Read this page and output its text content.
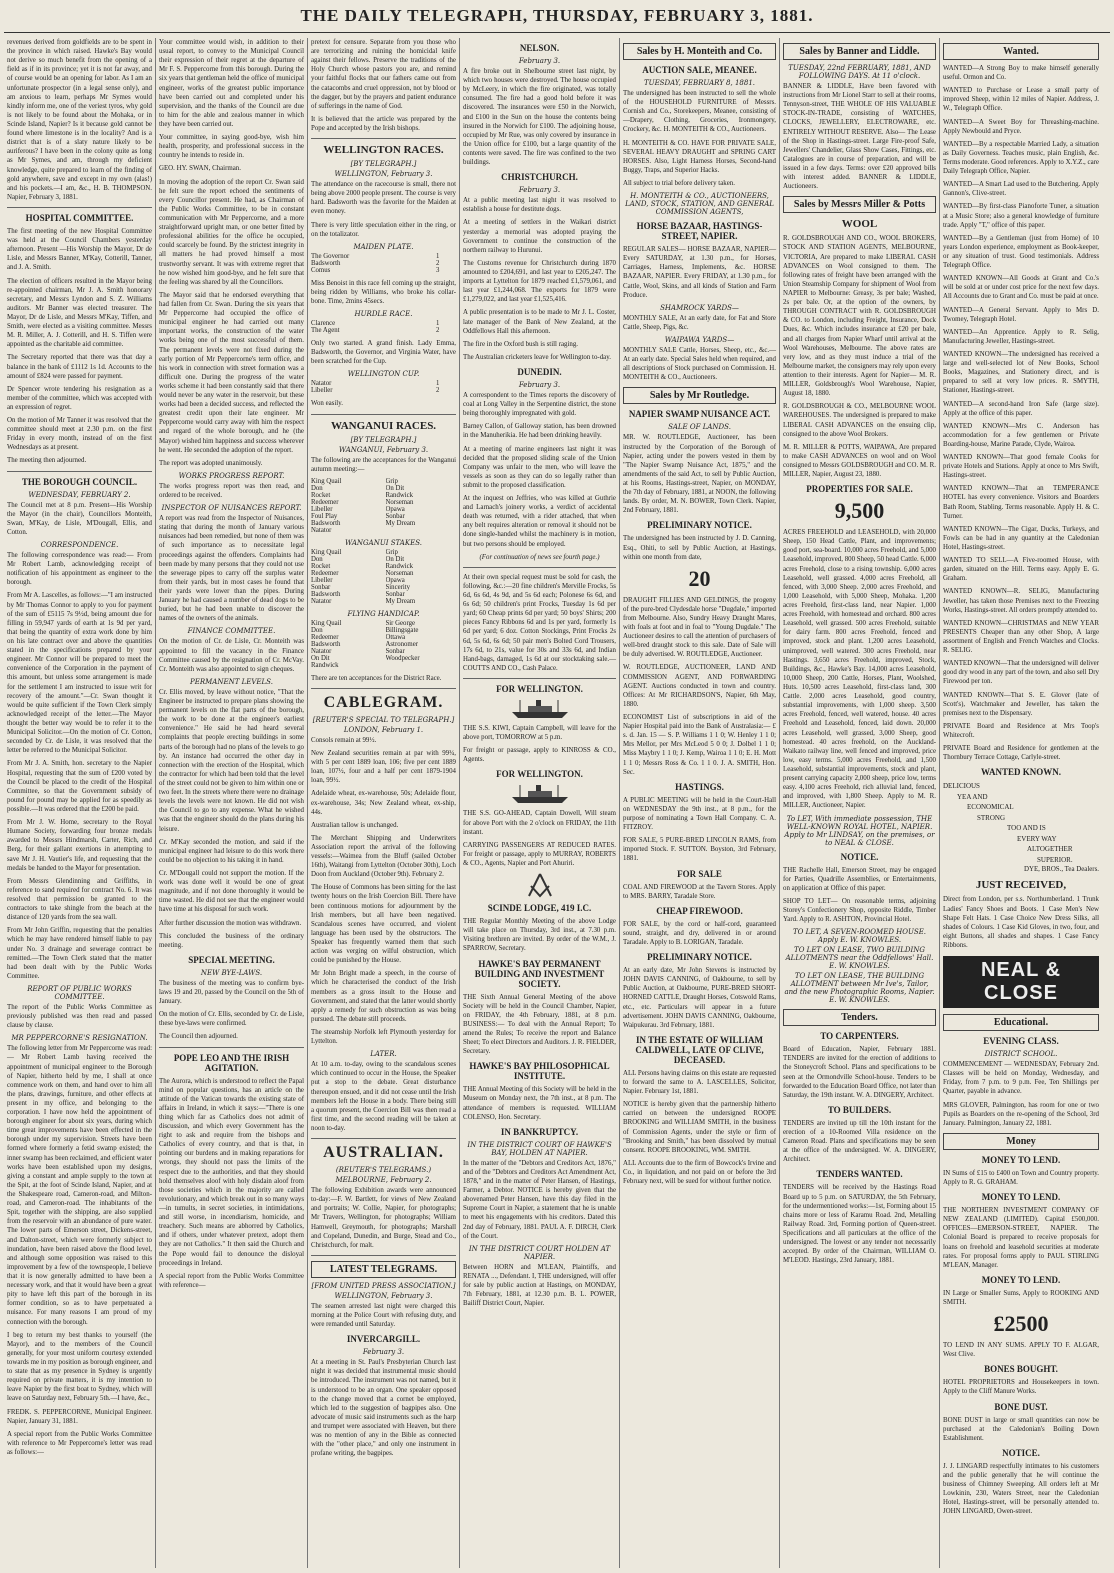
THE DAILY TELEGRAPH, THURSDAY, FEBRUARY 3, 1881.

revenues derived from goldfields are to be spent in the province in which raised. Hawke's Bay would not derive so much benefit from the opening of a field as if in its province; yet it is not far away, and of course would be an opening for labor. As I am an unfortunate prospector (in a legal sense only), and am anxious to learn, perhaps Mr Symes would kindly inform me, one of the veriest tyros, why gold is not likely to be found about the Mohaka, or in Scinde Island, Napier? Is it because gold cannot be found where limestone is in the locality? And is a district that is of a slaty nature likely to be auriferous? I have been in the colony quite as long as Mr Symes, and am, through my deficient knowledge, quite prepared to learn of the finding of gold anywhere, save and except in my own (alas!) and his pockets.—I am, &c., H. B. THOMPSON. Napier, February 3, 1881.

HOSPITAL COMMITTEE.

The first meeting of the new Hospital Committee was held at the Council Chambers yesterday afternoon. Present —His Worship the Mayor, Dr de Lisle, and Messrs Banner, M'Kay, Cotterill, Tanner, and J. A. Smith.

The election of officers resulted in the Mayor being re-appointed chairman, Mr J. A. Smith honorary secretary, and Messrs Lyndon and S. Z. Williams auditors. Mr Banner was elected treasurer. The Mayor, Dr de Lisle, and Messrs M'Kay, Tiffen, and Smith, were elected as a visiting committee. Messrs M. R. Miller, A. J. Cotterill, and H. S. Tiffen were appointed as the charitable aid committee.

The Secretary reported that there was that day a balance in the bank of £1112 1s 1d. Accounts to the amount of £824 were passed for payment.

Dr Spencer wrote tendering his resignation as a member of the committee, which was accepted with an expression of regret.

On the motion of Mr Tanner it was resolved that the committee should meet at 2.30 p.m. on the first Friday in every month, instead of on the first Wednesdays as at present.

The meeting then adjourned.

THE BOROUGH COUNCIL.
WEDNESDAY, FEBRUARY 2.

The Council met at 8 p.m. Present—His Worship the Mayor (in the chair), Councillors Monteith, Swan, M'Kay, de Lisle, M'Dougall, Ellis, and Cotton.

CORRESPONDENCE.

The following correspondence was read:— From Mr Robert Lamb, acknowledging receipt of notification of his appointment as engineer to the borough.

From Mr A. Lascelles, as follows:—"I am instructed by Mr Thomas Connor to apply to you for payment of the sum of £5115 7s 9½d, being amount due for filling in 59,947 yards of earth at 1s 9d per yard, that being the quantity of extra work done by him on his late contract over and above the quantities stated in the specifications prepared by your engineer. Mr Connor will be prepared to meet the convenience of the Corporation in the payment of this amount, but unless some arrangement is made for the settlement I am instructed to issue writ for recovery of the amount."—Cr. Swan thought it would be quite sufficient if the Town Clerk simply acknowledged receipt of the letter.—The Mayor thought the better way would be to refer it to the Municipal Solicitor.—On the motion of Cr. Cotton, seconded by Cr. de Lisle, it was resolved that the letter be referred to the Municipal Solicitor.

From Mr J. A. Smith, hon. secretary to the Napier Hospital, requesting that the sum of £200 voted by the Council be placed to the credit of the Hospital Committee, so that the Government subsidy of pound for pound may be applied for as speedily as possible.—It was ordered that the £200 be paid.

From Mr J. W. Home, secretary to the Royal Humane Society, forwarding four bronze medals awarded to Messrs Hindmarsh, Carter, Rich, and Berg, for their gallant exertions in attempting to save Mr J. H. Vautier's life, and requesting that the medals be handed to the Mayor for presentation.

From Messrs Glendinning and Griffiths, in reference to sand required for contract No. 6. It was resolved that permission be granted to the contractors to take shingle from the beach at the distance of 120 yards from the sea wall.

From Mr John Griffin, requesting that the penalties which he may have rendered himself liable to pay under No. 3 drainage and sewerage contract be remitted.—The Town Clerk stated that the matter had been dealt with by the Public Works Committee.

REPORT OF PUBLIC WORKS COMMITTEE.

The report of the Public Works Committee as previously published was then read and passed clause by clause.

MR PEPPERCORNE'S RESIGNATION.

The following letter from Mr Peppercorne was read:— Mr Robert Lamb having received the appointment of municipal engineer to the Borough of Napier, hitherto held by me, I shall at once commence work on them, and hand over to him all the plans, drawings, furniture, and other effects at present in my office, and belonging to the corporation. I have now held the appointment of borough engineer for about six years, during which time great improvements have been effected in the borough under my supervision. Streets have been formed where formerly a fetid swamp existed; the inner swamp has been reclaimed, and efficient water works have been established upon my designs, giving a constant and ample supply to the town at the Spit, at the foot of Scinde Island, Napier, and at the Shakespeare road, Cameron-road, and Milton-road, and Cameron-road. The inhabitants of the Spit, together with the shipping, are also supplied from the reservoir with an abundance of pure water. The lower parts of Emerson street, Dickens-street, and Dalton-street, which were formerly subject to inundation, have been raised above the flood level, and although some opposition was raised to this improvement by a few of the townspeople, I believe that it is now generally admitted to have been a necessary work, and that it would have been a great pity to have left this part of the borough in its former condition, so as to have perpetuated a nuisance. For many reasons I am proud of my connection with the borough.

I beg to return my best thanks to yourself (the Mayor), and to the members of the Council generally, for your most uniform courtesy extended towards me in my position as borough engineer, and to state that as my presence in Sydney is urgently required on private matters, it is my intention to leave Napier by the first boat to Sydney, which will leave on Saturday next, February 5th.—I have, &c.,

FREDK. S. PEPPERCORNE, Municipal Engineer. Napier, January 31, 1881.

A special report from the Public Works Committee with reference to Mr Peppercorne's letter was read as follows:—

Your committee would wish, in addition to their usual report, to convey to the Municipal Council their expression of their regret at the departure of Mr F. S. Peppercorne from this borough. During the six years that gentleman held the office of municipal engineer, works of the greatest public importance have been carried out and completed under his supervision, and the thanks of the Council are due to him for the able and zealous manner in which they have been carried out.

Your committee, in saying good-bye, wish him health, prosperity, and professional success in the country he intends to reside in.

GEO. HY. SWAN, Chairman.

In moving the adoption of the report Cr. Swan said he felt sure the report echoed the sentiments of every Councillor present. He had, as Chairman of the Public Works Committee, to be in constant communication with Mr Peppercorne, and a more straightforward upright man, or one better fitted by professional abilities for the office he occupied, could scarcely be found. By the strictest integrity in all matters he had proved himself a most trustworthy servant. It was with extreme regret that he now wished him good-bye, and he felt sure that the feeling was shared by all the Councillors.

The Mayor said that he endorsed everything that had fallen from Cr. Swan. During the six years that Mr Peppercorne had occupied the office of municipal engineer he had carried out many important works, the construction of the water works being one of the most successful of them. The permanent levels were not fixed during the early portion of Mr Peppercorne's term office, and his work in connection with street formation was a difficult one. During the progress of the water works scheme it had been constantly said that there would never be any water in the reservoir, but these works had been a decided success, and reflected the greatest credit upon their late engineer. Mr Peppercorne would carry away with him the respect and regard of the whole borough, and he (the Mayor) wished him happiness and success wherever he went. He seconded the adoption of the report.

The report was adopted unanimously.

WORKS PROGRESS REPORT.

The works progress report was then read, and ordered to be received.

INSPECTOR OF NUISANCES REPORT.

A report was read from the Inspector of Nuisances, stating that during the month of January various nuisances had been remedied, but none of them was of such importance as to necessitate legal proceedings against the offenders. Complaints had been made by many persons that they could not use the sewerage pipes to carry off the surplus water from their yards, but in most cases he found that their yards were lower than the pipes. During January he had caused a number of dead dogs to be buried, but he had been unable to discover the names of the owners of the animals.

FINANCE COMMITTEE.

On the motion of Cr. de Lisle, Cr. Monteith was appointed to fill the vacancy in the Finance Committee caused by the resignation of Cr. McVay. Cr. Monteith was also appointed to sign cheques.

PERMANENT LEVELS.

Cr. Ellis moved, by leave without notice, "That the Engineer be instructed to prepare plans showing the permanent levels on the flat parts of the borough, the work to be done at the engineer's earliest convenience." He said he had heard several complaints that people erecting buildings in some parts of the borough had no plans of the levels to go by. An instance had occurred the other day in connection with the erection of the Hospital, which the contractor for which had been told that the level of the street could not be given to him within one or two feet. In the streets where there were no drainage levels the levels were not known. He did not wish the Council to go to any expense. What he wished was that the engineer should do the plans during his leisure.

Cr. M'Kay seconded the motion, and said if the municipal engineer had leisure to do this work there could be no objection to his taking it in hand.

Cr. M'Dougall could not support the motion. If the work was done well it would be one of great magnitude, and if not done thoroughly it would be time wasted. He did not see that the engineer would have time at his disposal for such work.

After further discussion the motion was withdrawn.

This concluded the business of the ordinary meeting.

SPECIAL MEETING.
NEW BYE-LAWS.

The business of the meeting was to confirm bye-laws 19 and 20, passed by the Council on the 5th of January.

On the motion of Cr. Ellis, seconded by Cr. de Lisle, these bye-laws were confirmed.

The Council then adjourned.

POPE LEO AND THE IRISH AGITATION.

The Aurora, which is understood to reflect the Papal mind on popular questions, has an article on the attitude of the Vatican towards the existing state of affairs in Ireland, in which it says:—"There is one thing which far as Catholics does not admit of discussion, and which every Government has the right to ask and require from the bishops and Catholics of every country, and that is that, in pointing our burdens and in making reparations for wrongs, they should not pass the limits of the respect due to the authorities, and that they should hold themselves aloof with holy disdain aloof from those societies which in the majority are called revolutionary, and which break out in so many ways—in tumults, in secret societies, in intimidations, and still worse, in incendiarism, homicide, and treachery. Such means are abhorred by Catholics, and if others, under whatever pretext, adopt them they are not Catholics." It then said the Church and the Pope would fail to denounce the disloyal proceedings in Ireland.

A special report from the Public Works Committee with reference—

pretext for censure. Separate from you those who are terrorizing and ruining the homicidal knife against their fellows. Preserve the traditions of the Holy Church whose pastors you are, and remind your faithful flocks that our fathers came out from the catacombs and cruel oppression, not by blood or the dagger, but by the prayers and patient endurance of sufferings in the name of God.

It is believed that the article was prepared by the Pope and accepted by the Irish bishops.

WELLINGTON RACES.
[BY TELEGRAPH.]
WELLINGTON, February 3.

The attendance on the racecourse is small, there not being above 2000 people present. The course is very hard. Badsworth was the favorite for the Maiden at even money.

There is very little speculation either in the ring, or on the totalizator.

MAIDEN PLATE.
The Governor	1
Badsworth	2
Comus	3

Miss Benoist in this race fell coming up the straight, being ridden by Williams, who broke his collar-bone. Time, 2mins 45secs.

HURDLE RACE.
Clarence	1
The Agent	2

Only two started. A grand finish. Lady Emma, Badsworth, the Governor, and Virginia Water, have been scratched for the Cup.

WELLINGTON CUP.
Natator	1
Libeller	2

Won easily.

WANGANUI RACES.
[BY TELEGRAPH.]
WANGANUI, February 3.

The following are the acceptances for the Wanganui autumn meeting:—

King Quail	Grip
Don	On Dit
Rocket	Randwick
Redeemer	Norseman
Libeller	Opawa
Foul Play	Sonbar
Badsworth	My Dream
Natator
WANGANUI STAKES.
King Quail	Grip
Don	On Dit
Rocket	Randwick
Redeemer	Norseman
Libeller	Opawa
Sonbar	Sincerity
Badsworth	Sonbar
Natator	My Dream
FLYING HANDICAP.
King Quail	Sir George
Don	Billingsgate
Redeemer	Ottawa
Badsworth	Astronomer
Natator	Sonbar
On Dit	Woodpecker
Randwick

There are ten acceptances for the District Race.

CABLEGRAM.
[REUTER'S SPECIAL TO TELEGRAPH.]
LONDON, February 1.

Consols remain at 99½.

New Zealand securities remain at par with 99¾, with 5 per cent 1889 loan, 106; five per cent 1889 loan, 107½, four and a half per cent 1879-1904 loan, 99½.

Adelaide wheat, ex-warehouse, 50s; Adelaide flour, ex-warehouse, 34s; New Zealand wheat, ex-ship, 44s.

Australian tallow is unchanged.

The Merchant Shipping and Underwriters Association report the arrival of the following vessels:—Waimea from the Bluff (sailed October 16th), Waitangi from Lyttelton (October 30th), Loch Doon from Auckland (October 9th). February 2.

The House of Commons has been sitting for the last twenty hours on the Irish Coercion Bill. There have been continuous motions for adjournment by the Irish members, but all have been negatived. Scandalous scenes have occurred, and violent language has been used by the obstructors. The Speaker has frequently warned them that such action was verging on wilful obstruction, which could be punished by the House.

Mr John Bright made a speech, in the course of which he characterised the conduct of the Irish members as a gross insult to the House and Government, and stated that the latter would shortly apply a remedy for such obstruction as was being pursued. The debate still proceeds.

The steamship Norfolk left Plymouth yesterday for Lyttelton.

LATER.

At 10 a.m. to-day, owing to the scandalous scenes which continued to occur in the House, the Speaker put a stop to the debate. Great disturbance thereupon ensued, and it did not cease until the Irish members left the House in a body. There being still a quorum present, the Coercion Bill was then read a first time, and the second reading will be taken at noon to-day.

AUSTRALIAN.
(REUTER'S TELEGRAMS.)
MELBOURNE, February 2.

The following Exhibition awards were announced to-day:—F. W. Bartlett, for views of New Zealand and portraits; W. Collie, Napier, for photographs; Mr Travers, Wellington, for photographs; William Hamwell, Greymouth, for photographs; Marshall and Copeland, Dunedin, and Burge, Stead and Co., Christchurch, for malt.

LATEST TELEGRAMS.
[FROM UNITED PRESS ASSOCIATION.]
WELLINGTON, February 3.

The seamen arrested last night were charged this morning at the Police Court with refusing duty, and were remanded until Saturday.

INVERCARGILL.
February 3.

At a meeting in St. Paul's Presbyterian Church last night it was decided that instrumental music should be introduced. The instrument was not named, but it is understood to be an organ. One speaker opposed to the change moved that a cornet be employed, which led to the suggestion of bagpipes also. One advocate of music said instruments such as the harp and trumpet were associated with Heaven, but there was no mention of any in the Bible as connected with the "other place," and only one instrument in profane writing, the bagpipes.

NELSON.
February 3.

A fire broke out in Shelbourne street last night, by which two houses were destroyed. The house occupied by McLeery, in which the fire originated, was totally consumed. The fire had a good hold before it was discovered. The insurances were £50 in the Norwich, and £100 in the Sun on the house the contents being insured in the Norwich for £100. The adjoining house, occupied by Mr Rue, was only covered by insurance in the Union office for £100, but a large quantity of the contents were saved. The fire was confined to the two buildings.

CHRISTCHURCH.
February 3.

At a public meeting last night it was resolved to establish a house for destitute dogs.

At a meeting of settlers in the Waikari district yesterday a memorial was adopted praying the Government to continue the construction of the northern railway to Hurunui.

The Customs revenue for Christchurch during 1870 amounted to £204,691, and last year to £205,247. The imports at Lyttelton for 1879 reached £1,579,061, and last year £1,244,068. The exports for 1879 were £1,279,022, and last year £1,525,416.

A public presentation is to be made to Mr J. L. Coster, late manager of the Bank of New Zealand, at the Oddfellows Hall this afternoon.

The fire in the Oxford bush is still raging.

The Australian cricketers leave for Wellington to-day.

DUNEDIN.
February 3.

A correspondent to the Times reports the discovery of coal at Long Valley in the Serpentine district, the stone being thoroughly impregnated with gold.

Barney Callon, of Galloway station, has been drowned in the Manuherikia. He had been drinking heavily.

At a meeting of marine engineers last night it was decided that the proposed sliding scale of the Union Company was unfair to the men, who will leave the vessels as soon as they can do so legally rather than submit to the proposed classification.

At the inquest on Jeffries, who was killed at Guthrie and Larnach's joinery works, a verdict of accidental death was returned, with a rider attached, that when any belt requires alteration or removal it should not be done single-handed whilst the machinery is in motion, but two persons should be employed.

(For continuation of news see fourth page.)

At their own special request must be sold for cash, the following, &c.:—20 fine children's Merville Frocks, 5s 6d, 6s 6d, 4s 9d, and 5s 6d each; Polonese 6s 6d, and 6s 6d; 50 children's print Frocks, Tuesday 1s 6d per yard; 60 Cheap prints 6d per yard; 50 boys' Shirts; 200 pieces Fancy Ribbons 6d and 1s per yard, formerly 1s 6d per yard; 6 doz. Cotton Stockings, Print Frocks 2s 6d, 5s 6d, 6s 6d; 50 pair men's Bolted Cord Trousers, 17s 6d, to 21s, value for 30s and 33s 6d, and Indian Hand-bags, damaged, 1s 6d at our stocktaking sale.—COUTTS AND CO., Cash Palace.

FOR WELLINGTON.

THE S.S. KIWI, Captain Campbell, will leave for the above port, TOMORROW at 5 p.m.

For freight or passage, apply to KINROSS & CO., Agents.

FOR WELLINGTON.

THE S.S. GO-AHEAD, Captain Dowell, Will steam for above Port with the 2 o'clock on FRIDAY, the 11th instant.

CARRYING PASSENGERS AT REDUCED RATES. For freight or passage, apply to MURRAY, ROBERTS & CO., Agents, Napier and Port Ahuriri.

SCINDE LODGE, 419 I.C.

THE Regular Monthly Meeting of the above Lodge will take place on Thursday, 3rd inst., at 7.30 p.m. Visiting brethren are invited. By order of the W.M., J. SPARROW, Secretary.

HAWKE'S BAY PERMANENT BUILDING AND INVESTMENT SOCIETY.

THE Sixth Annual General Meeting of the above Society will be held in the Council Chamber, Napier, on FRIDAY, the 4th February, 1881, at 8 p.m. BUSINESS:— To deal with the Annual Report; To amend the Rules; To receive the report and Balance Sheet; To elect Directors and Auditors. J. R. FIELDER, Secretary.

HAWKE'S BAY PHILOSOPHICAL INSTITUTE.

THE Annual Meeting of this Society will be held in the Museum on Monday next, the 7th inst., at 8 p.m. The attendance of members is requested. WILLIAM COLENSO, Hon. Secretary.

IN BANKRUPTCY.
IN THE DISTRICT COURT OF HAWKE'S BAY, HOLDEN AT NAPIER.

In the matter of the "Debtors and Creditors Act, 1876," and of the "Debtors and Creditors Act Amendment Act, 1878," and in the matter of Peter Hansen, of Hastings, Farmer, a Debtor. NOTICE is hereby given that the abovenamed Peter Hansen, have this day filed in the Supreme Court in Napier, a statement that he is unable to meet his engagements with his creditors. Dated this 2nd day of February, 1881. PAUL A. F. DIRCH, Clerk of the Court.

IN THE DISTRICT COURT HOLDEN AT NAPIER.

Between HORN and M'LEAN, Plaintiffs, and RENATA ..., Defendant. I, THE undersigned, will offer for sale by public auction at Hastings, on MONDAY, 7th February, 1881, at 12.30 p.m. B. L. POWER, Bailiff District Court, Napier.

Sales by H. Monteith and Co.
AUCTION SALE, MEANEE.
TUESDAY, FEBRUARY 8, 1881.

The undersigned has been instructed to sell the whole of the HOUSEHOLD FURNITURE of Messrs. Cornish and Co., Storekeepers, Meanee, consisting of—Drapery, Clothing, Groceries, Ironmongery, Crockery, &c. H. MONTEITH & CO., Auctioneers.

H. MONTEITH & CO. HAVE FOR PRIVATE SALE, SEVERAL HEAVY DRAUGHT and SPRING CART HORSES. Also, Light Harness Horses, Second-hand Buggy, Traps, and Superior Hacks.

All subject to trial before delivery taken.

H. MONTEITH & CO., AUCTIONEERS, LAND, STOCK, STATION, AND GENERAL COMMISSION AGENTS,
HORSE BAZAAR, HASTINGS-STREET, NAPIER.

REGULAR SALES— HORSE BAZAAR, NAPIER— Every SATURDAY, at 1.30 p.m., for Horses, Carriages, Harness, Implements, &c. HORSE BAZAAR, NAPIER. Every FRIDAY, at 1.30 p.m., for Cattle, Wool, Skins, and all kinds of Station and Farm Produce.

SHAMROCK YARDS—

MONTHLY SALE, At an early date, for Fat and Store Cattle, Sheep, Pigs, &c.

WAIPAWA YARDS—

MONTHLY SALE Cattle, Horses, Sheep, etc., &c.—At an early date. Special Sales held when required, and all descriptions of Stock purchased on Commission. H. MONTEITH & CO., Auctioneers.

Sales by Mr Routledge.
NAPIER SWAMP NUISANCE ACT.
SALE OF LANDS.

MR. W. ROUTLEDGE, Auctioneer, has been instructed by the Corporation of the Borough of Napier, acting under the powers vested in them by "The Napier Swamp Nuisance Act, 1875," and the amendments of the said Act, to sell by Public Auction, at his Rooms, Hastings-street, Napier, on MONDAY, the 7th day of February, 1881, at NOON, the following lands. By order, M. N. BOWER, Town Clerk. Napier, 2nd February, 1881.

PRELIMINARY NOTICE.

The undersigned has been instructed by J. D. Canning, Esq., Ohiti, to sell by Public Auction, at Hastings, within one month from date,

20

DRAUGHT FILLIES AND GELDINGS, the progeny of the pure-bred Clydesdale horse "Dugdale," imported from Melbourne. Also, Sundry Heavy Draught Mares, with foals at foot and in foal to "Young Dugdale." The Auctioneer desires to call the attention of purchasers of well-bred draught stock to this sale. Date of Sale will be duly advertised. W. ROUTLEDGE, Auctioneer.

W. ROUTLEDGE, AUCTIONEER, LAND AND COMMISSION AGENT, AND FORWARDING AGENT. Auctions conducted in town and country. Offices: At Mr RICHARDSON'S, Napier, 6th May, 1880.

ECONOMIST List of subscriptions in aid of the Napier Hospital paid into the Bank of Australasia:— £ s. d. Jan. 15 — S. P. Williams 1 1 0; W. Henley 1 1 0; Mrs Mellor, per Mrs McLeod 5 0 0; J. Dolbel 1 1 0; Miss Maybry 1 1 0; J. Kemp, Wairoa 1 1 0; E. H. Mott 1 1 0; Messrs Ross & Co. 1 1 0. J. A. SMITH, Hon. Sec.

HASTINGS.

A PUBLIC MEETING will be held in the Court-Hall on WEDNESDAY the 9th inst., at 8 p.m., for the purpose of nominating a Town Hall Company. C. A. FITZROY.

FOR SALE, 5 PURE-BRED LINCOLN RAMS, from imported Stock. F. SUTTON. Boyston, 3rd February, 1881.

FOR SALE

COAL AND FIREWOOD at the Tavern Stores. Apply to MRS. BARRY, Taradale Store.

CHEAP FIREWOOD.

FOR SALE, by the cord or half-cord, guaranteed sound, straight, and dry, delivered in or around Taradale. Apply to B. LORIGAN, Taradale.

PRELIMINARY NOTICE.

At an early date, Mr John Stevens is instructed by JOHN DAVIS CANNING, of Oakbourne, to sell by Public Auction, at Oakbourne, PURE-BRED SHORT-HORNED CATTLE, Draught Horses, Cotswold Rams, etc., etc. Particulars will appear in a future advertisement. JOHN DAVIS CANNING, Oakbourne, Waipukurau. 3rd February, 1881.

IN THE ESTATE OF WILLIAM CALDWELL, LATE OF CLIVE, DECEASED.

ALL Persons having claims on this estate are requested to forward the same to A. LASCELLES, Solicitor, Napier. February 1st, 1881.

NOTICE is hereby given that the partnership hitherto carried on between the undersigned ROOPE BROOKING and WILLIAM SMITH, in the business of Commission Agents, under the style or firm of "Brooking and Smith," has been dissolved by mutual consent. ROOPE BROOKING, WM. SMITH.

ALL Accounts due to the firm of Bowcock's Irvine and Co., in liquidation, and not paid on or before the 3rd February next, will be sued for without further notice.

Sales by Banner and Liddle.
TUESDAY, 22nd FEBRUARY, 1881, AND FOLLOWING DAYS. At 11 o'clock.

BANNER & LIDDLE, Have been favored with instructions from Mr Lionel Starr to sell at their rooms, Tennyson-street, THE WHOLE OF HIS VALUABLE STOCK-IN-TRADE, consisting of WATCHES, CLOCKS, JEWELLERY, ELECTROWARE, etc. ENTIRELY WITHOUT RESERVE. Also— The Lease of the Shop in Hastings-street. Large Fire-proof Safe, Jewellers' Chandelier, Glass Show Cases, Fittings, etc. Catalogues are in course of preparation, and will be issued in a few days. Terms: over £20 approved bills with interest added. BANNER & LIDDLE, Auctioneers.

Sales by Messrs Miller & Potts
WOOL

R. GOLDSBROUGH AND CO., WOOL BROKERS, STOCK AND STATION AGENTS, MELBOURNE, VICTORIA, Are prepared to make LIBERAL CASH ADVANCES on Wool consigned to them. The following rates of freight have been arranged with the Union Steamship Company for shipment of Wool from NAPIER to Melbourne: Greasy, 3s per bale; Washed, 2s per bale. Or, at the option of the owners, by THROUGH CONTRACT with R. GOLDSBROUGH & CO. to London, including Freight, Insurance, Dock Dues, &c. Which includes insurance at £20 per bale, and all charges from Napier Wharf until arrival at the Wool Warehouses, Melbourne. The above rates are very low, and as they must induce a trial of the Melbourne market, the consigners may rely upon every attention to their interests. Agent for Napier— M. R. MILLER, Goldsbrough's Wool Warehouse, Napier, August 18, 1880.

R. GOLDSBROUGH & CO., MELBOURNE WOOL WAREHOUSES. The undersigned is prepared to make LIBERAL CASH ADVANCES on the ensuing clip, consigned to the above Wool Brokers.

M. R. MILLER & POTTS, WAIPAWA, Are prepared to make CASH ADVANCES on wool and on Wool consigned to Messrs GOLDSBROUGH and CO. M. R. MILLER, Napier, August 23, 1880.

PROPERTIES FOR SALE.
9,500

ACRES FREEHOLD and LEASEHOLD, with 20,000 Sheep, 150 Head Cattle, Plant, and improvements; good port, sea-board. 10,000 acres Freehold, and 5,000 Leasehold, improved, 800 Sheep, 50 head Cattle. 6,000 acres Freehold, close to a rising township. 6,000 acres Leasehold, well grassed. 4,000 acres Freehold, all fenced, with 3,000 Sheep. 2,000 acres Freehold, and 1,000 Leasehold, with 5,000 Sheep, Mohaka. 1,200 acres Freehold, first-class land, near Napier. 1,000 acres Freehold, with homestead and orchard. 800 acres Leasehold, well grassed. 500 acres Freehold, suitable for dairy farm. 800 acres Freehold, fenced and improved, stock and plant. 1,200 acres Leasehold, unimproved, well watered. 300 acres Freehold, near Hastings. 3,650 acres Freehold, improved, Stock, Buildings, &c., Hawke's Bay. 14,000 acres Leasehold, 10,000 Sheep, 200 Cattle, Horses, Plant, Woolshed, Huts. 10,500 acres Leasehold, first-class land, 300 Cattle. 2,000 acres Leasehold, good country, substantial improvements, with 1,000 sheep. 3,500 acres Freehold, fenced, well watered, house. 40 acres Freehold and Leasehold, fenced, laid down. 20,000 acres Leasehold, well grassed, 3,000 Sheep, good homestead. 40 acres freehold, on the Auckland-Waikato railway line, well fenced and improved, price low, easy terms. 5,000 acres Freehold, and 1,500 Leasehold, substantial improvements, stock and plant, present carrying capacity 2,000 sheep, price low, terms easy. 4,100 acres Freehold, rich alluvial land, fenced, and improved, with 1,800 Sheep. Apply to M. R. MILLER, Auctioneer, Napier.

To LET, With immediate possession, THE WELL-KNOWN ROYAL HOTEL, NAPIER. Apply to Mr LINDSAY, on the premises, or to NEAL & CLOSE.
NOTICE.

THE Rachelle Hall, Emerson Street, may be engaged for Parties, Quadrille Assemblies, or Entertainments, on application at Office of this paper.

SHOP TO LET— On reasonable terms, adjoining Storey's Confectionery Shop, opposite Riddle, Timber Yard. Apply to R. ASHTON, Provincial Hotel.

TO LET, A SEVEN-ROOMED HOUSE. Apply E. W. KNOWLES.
TO LET ON LEASE, TWO BUILDING ALLOTMENTS near the Oddfellows' Hall. E. W. KNOWLES.
TO LET ON LEASE, THE BUILDING ALLOTMENT between Mr Ive's, Tailor, and the new Photographic Rooms, Napier. E. W. KNOWLES.
Tenders.
TO CARPENTERS.

Board of Education, Napier, February 1881. TENDERS are invited for the erection of additions to the Stoneycroft School. Plans and specifications to be seen at the Ormondville School-house. Tenders to be forwarded to the Education Board Office, not later than Saturday, the 19th instant. W. A. DINGERY, Architect.

TO BUILDERS.

TENDERS are invited up till the 10th instant for the erection of a 10-Roomed Villa residence on the Cameron Road. Plans and specifications may be seen at the office of the undersigned. W. A. DINGERY, Architect.

TENDERS WANTED.

TENDERS will be received by the Hastings Road Board up to 5 p.m. on SATURDAY, the 5th February, for the undermentioned works:—1st, Forming about 15 chains more or less of Karamu Road. 2nd, Metalling Railway Road. 3rd, Forming portion of Queen-street. Specifications and all particulars at the office of the undersigned. The lowest or any tender not necessarily accepted. By order of the Chairman, WILLIAM O. M'LEOD. Hastings, 23rd January, 1881.

Wanted.

WANTED—A Strong Boy to make himself generally useful. Ormon and Co.

WANTED to Purchase or Lease a small party of improved Sheep, within 12 miles of Napier. Address, J. W., Telegraph Office.

WANTED—A Sweet Boy for Threashing-machine. Apply Newbould and Pryce.

WANTED—By a respectable Married Lady, a situation as Daily Governess. Teaches music, plain English, &c. Terms moderate. Good references. Apply to X.Y.Z., care Daily Telegraph Office, Napier.

WANTED—A Smart Lad used to the Butchering. Apply Gannon's, Clive-street.

WANTED—By first-class Pianoforte Tuner, a situation at a Music Store; also a general knowledge of furniture trade. Apply "T," office of this paper.

WANTED—By a Gentleman (just from Home) of 10 years London experience, employment as Book-keeper, or any situation of trust. Good testimonials. Address Telegraph Office.

WANTED KNOWN—All Goods at Grant and Co.'s will be sold at or under cost price for the next few days. All Accounts due to Grant and Co. must be paid at once.

WANTED—A General Servant. Apply to Mrs D. Twomey, Telegraph Hotel.

WANTED—An Apprentice. Apply to R. Selig, Manufacturing Jeweller, Hastings-street.

WANTED KNOWN—The undersigned has received a large and well-selected lot of New Books, School Books, Magazines, and Stationery direct, and is prepared to sell at very low prices. R. SMYTH, Stationer, Hastings-street.

WANTED—A second-hand Iron Safe (large size). Apply at the office of this paper.

WANTED KNOWN—Mrs C. Anderson has accommodation for a few gentlemen or Private Boarding-house, Marine Parade, Clyde, Wairoa.

WANTED KNOWN—That good female Cooks for private Hotels and Stations. Apply at once to Mrs Swift, Hastings-street.

WANTED KNOWN—That an TEMPERANCE HOTEL has every convenience. Visitors and Boarders Bath Room, Stabling. Terms reasonable. Apply H. & C. Turner.

WANTED KNOWN—The Cigar, Ducks, Turkeys, and Fowls can be had in any quantity at the Caledonian Hotel, Hastings-street.

WANTED TO SELL—A Five-roomed House, with garden, situated on the Hill. Terms easy. Apply E. G. Graham.

WANTED KNOWN—R. SELIG, Manufacturing Jeweller, has taken those Premises next to the Freezing Works, Hastings-street. All orders promptly attended to.

WANTED KNOWN—CHRISTMAS and NEW YEAR PRESENTS Cheaper than any other Shop, A large assortment of English and French Watches and Clocks. R. SELIG.

WANTED KNOWN—That the undersigned will deliver good dry wood in any part of the town, and also sell Dry Firewood per ton.

WANTED KNOWN—That S. E. Glover (late of Scott's), Watchmaker and Jeweller, has taken the premises next to the Dispensary.

PRIVATE Board and Residence at Mrs Toop's Whitecroft.

PRIVATE Board and Residence for gentlemen at the Thornbury Terrace Cottage, Carlyle-street.

WANTED KNOWN.
DELICIOUS
YEA AND
ECONOMICAL
STRONG
TOO AND IS
EVERY WAY
ALTOGETHER
SUPERIOR.

DYE, BROS., Tea Dealers.

JUST RECEIVED,

Direct from London, per s.s. Northumberland. 1 Trunk Ladies' Fancy Shoes and Boots. 1 Case Men's New Shape Felt Hats. 1 Case Choice New Dress Silks, all shades of Colours. 1 Case Kid Gloves, in two, four, and eight Buttons, all shades and shapes. 1 Case Fancy Ribbons.

NEAL & CLOSE
Educational.
EVENING CLASS.
DISTRICT SCHOOL.

COMMENCEMENT — WEDNESDAY, February 2nd. Classes will be held on Monday, Wednesday, and Friday, from 7 p.m. to 9 p.m. Fee, Ten Shillings per Quarter, payable in advance.

MRS GLOVER, Palmington, has room for one or two Pupils as Boarders on the re-opening of the School, 3rd January. Palmington, January 22, 1881.

Money
MONEY TO LEND.

IN Sums of £15 to £400 on Town and Country property. Apply to R. G. GRAHAM.

MONEY TO LEND.

THE NORTHERN INVESTMENT COMPANY OF NEW ZEALAND (LIMITED). Capital £500,000. OFFICES—EMERSON-STREET, NAPIER. The Colonial Board is prepared to receive proposals for loans on freehold and leasehold securities at moderate rates. For proposal forms apply to PAUL STIRLING M'LEAN, Manager.

MONEY TO LEND.

IN Large or Smaller Sums, Apply to ROOKING AND SMITH.

£2500

TO LEND IN ANY SUMS. APPLY TO F. ALGAR, West Clive.

BONES BOUGHT.

HOTEL PROPRIETORS and Housekeepers in town. Apply to the Cliff Manure Works.

BONE DUST.

BONE DUST in large or small quantities can now be purchased at the Caledonian's Boiling Down Establishment.

NOTICE.

J. J. LINGARD respectfully intimates to his customers and the public generally that he will continue the business of Chimney Sweeping. All orders left at Mr Lowkinin, 230, Waters Street, near the Caledonian Hotel, Hastings-street, will be personally attended to. JOHN LINGARD, Owen-street.
